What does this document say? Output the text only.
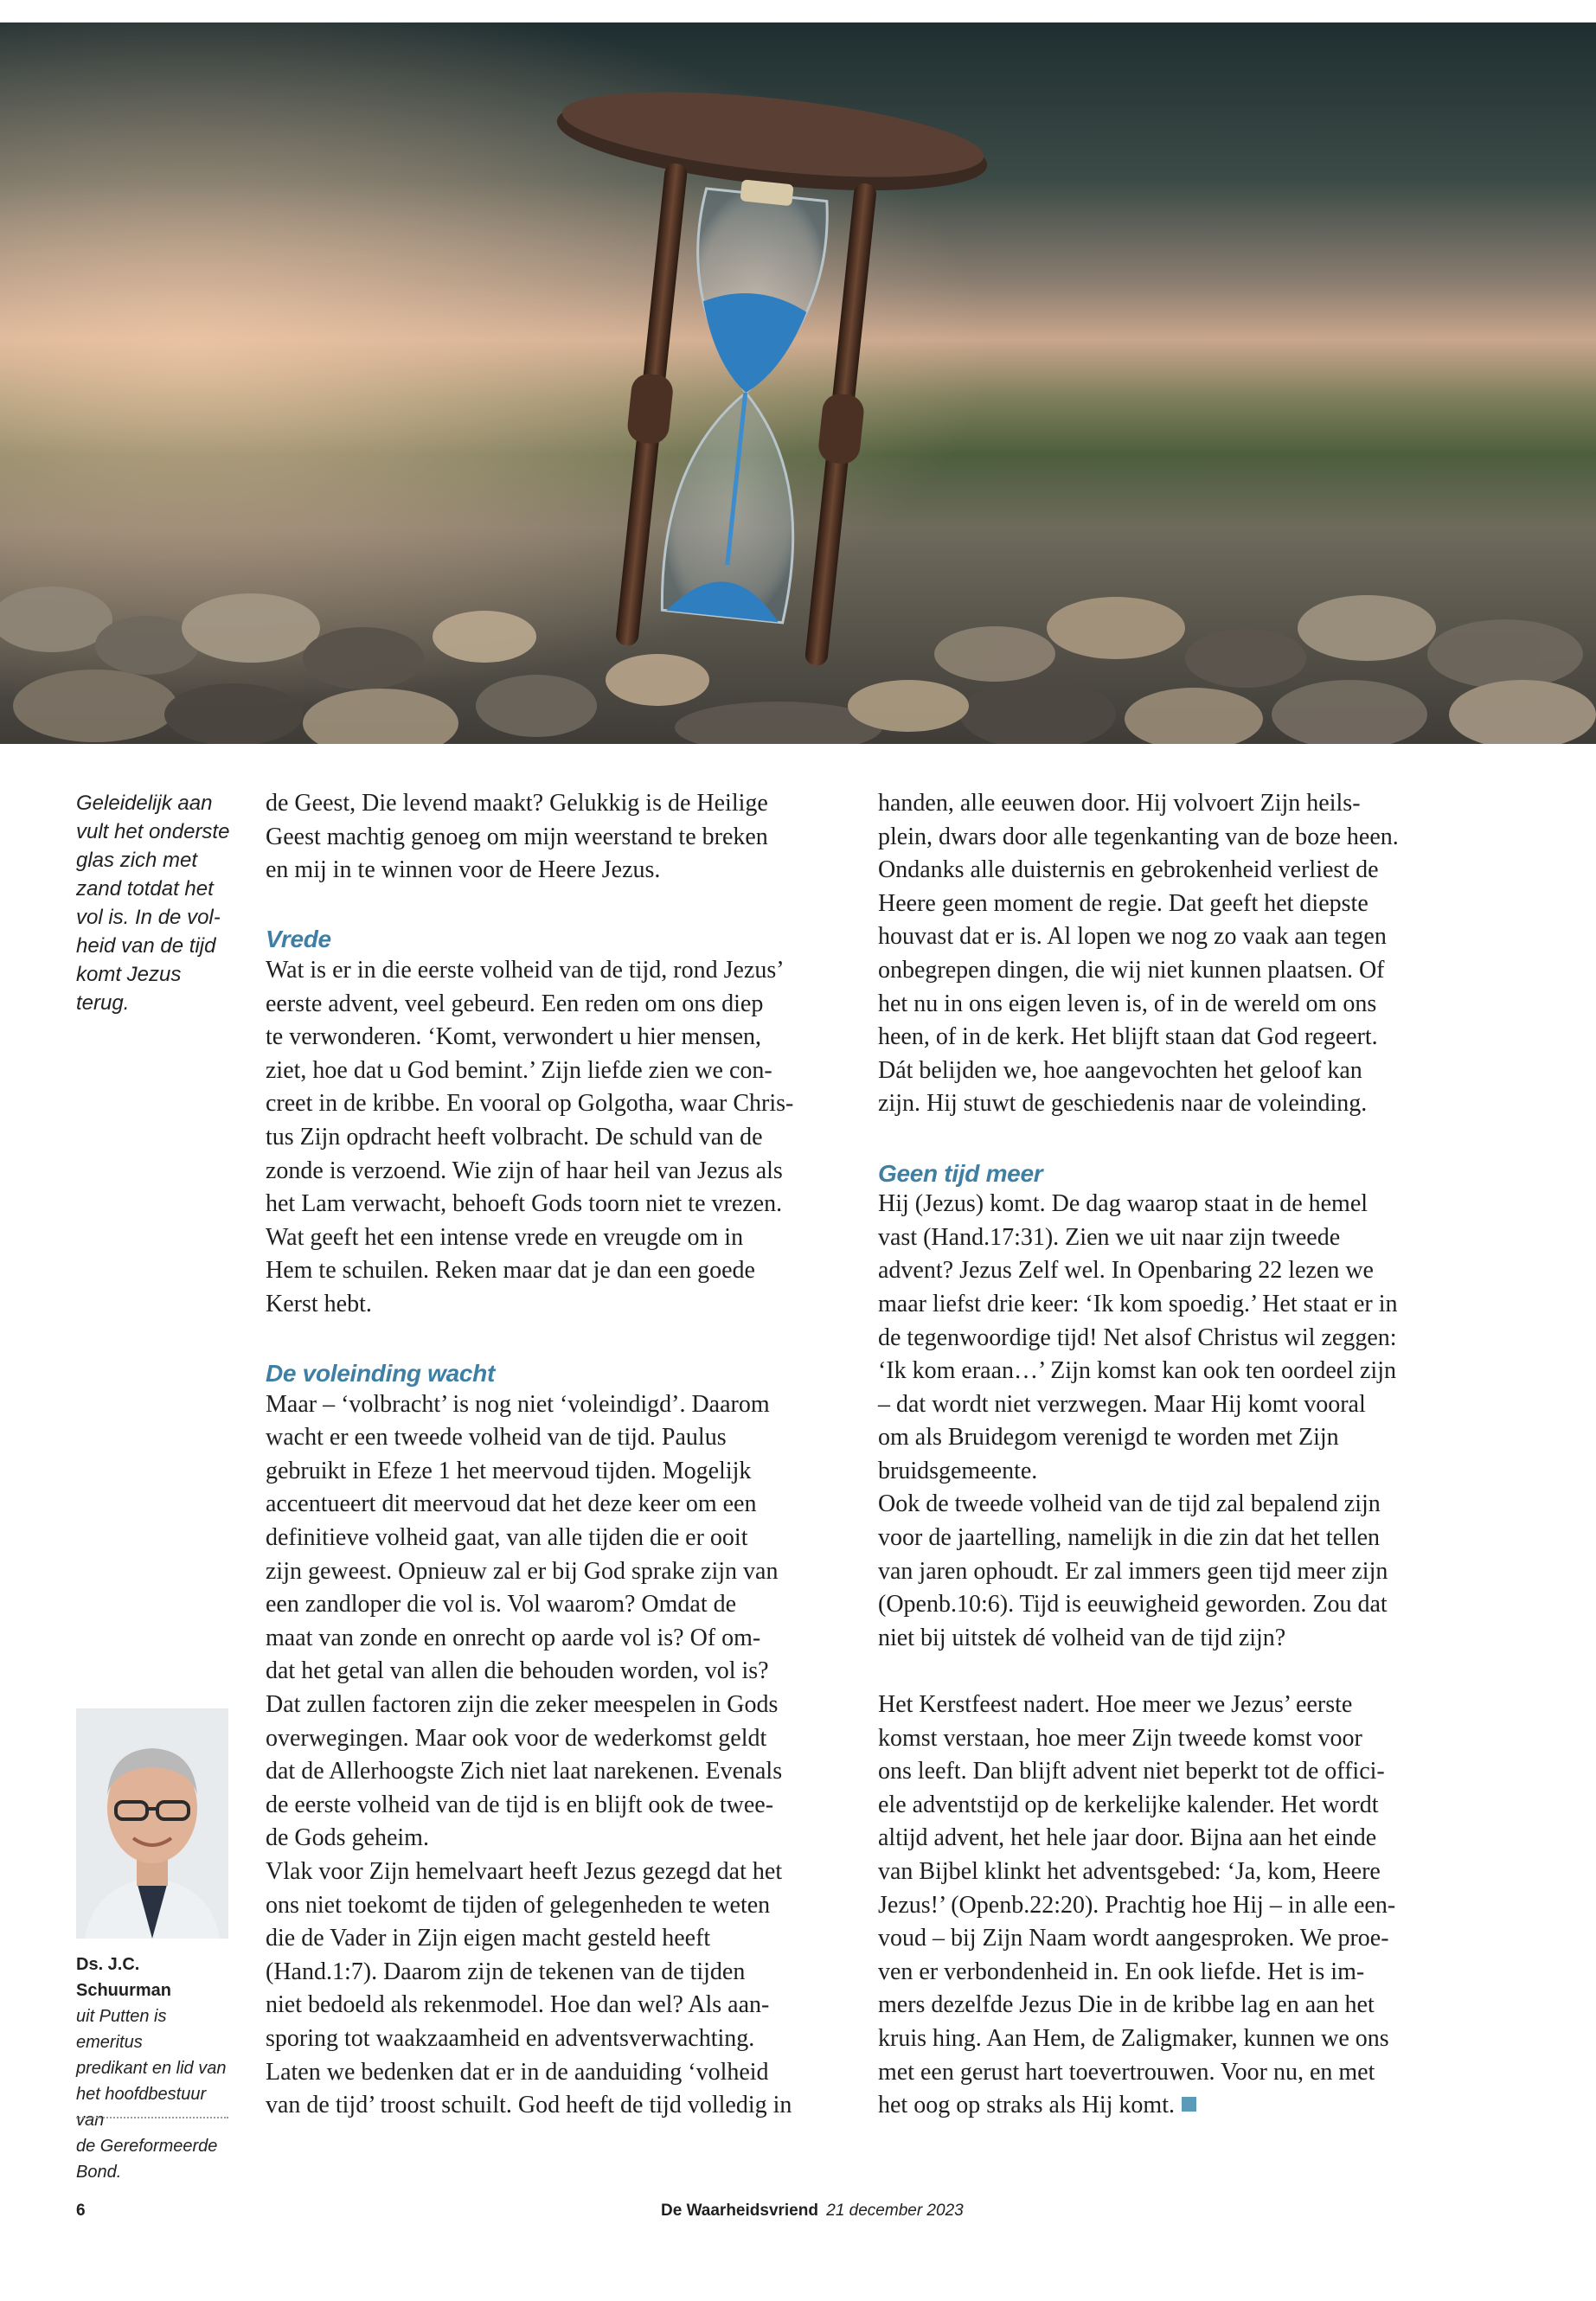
Geleidelijk aan
vult het onderste
glas zich met
zand totdat het
vol is. In de vol-
heid van de tijd
komt Jezus terug.

de Geest, Die levend maakt? Gelukkig is de Heilige

Geest machtig genoeg om mijn weerstand te breken

en mij in te winnen voor de Heere Jezus.

Vrede

Wat is er in die eerste volheid van de tijd, rond Jezus’

eerste advent, veel gebeurd. Een reden om ons diep

te verwonderen. ‘Komt, verwondert u hier mensen,

ziet, hoe dat u God bemint.’ Zijn liefde zien we con-

creet in de kribbe. En vooral op Golgotha, waar Chris-

tus Zijn opdracht heeft volbracht. De schuld van de

zonde is verzoend. Wie zijn of haar heil van Jezus als

het Lam verwacht, behoeft Gods toorn niet te vrezen.

Wat geeft het een intense vrede en vreugde om in

Hem te schuilen. Reken maar dat je dan een goede

Kerst hebt.

De voleinding wacht

Maar – ‘volbracht’ is nog niet ‘voleindigd’. Daarom

wacht er een tweede volheid van de tijd. Paulus

gebruikt in Efeze 1 het meervoud tijden. Mogelijk

accentueert dit meervoud dat het deze keer om een

definitieve volheid gaat, van alle tijden die er ooit

zijn geweest. Opnieuw zal er bij God sprake zijn van

een zandloper die vol is. Vol waarom? Omdat de

maat van zonde en onrecht op aarde vol is? Of om-

dat het getal van allen die behouden worden, vol is?

Dat zullen factoren zijn die zeker meespelen in Gods

overwegingen. Maar ook voor de wederkomst geldt

dat de Allerhoogste Zich niet laat narekenen. Evenals

de eerste volheid van de tijd is en blijft ook de twee-

de Gods geheim.

Vlak voor Zijn hemelvaart heeft Jezus gezegd dat het

ons niet toekomt de tijden of gelegenheden te weten

die de Vader in Zijn eigen macht gesteld heeft

(Hand.1:7). Daarom zijn de tekenen van de tijden

niet bedoeld als rekenmodel. Hoe dan wel? Als aan-

sporing tot waakzaamheid en adventsverwachting.

Laten we bedenken dat er in de aanduiding ‘volheid

van de tijd’ troost schuilt. God heeft de tijd volledig in

handen, alle eeuwen door. Hij volvoert Zijn heils-

plein, dwars door alle tegenkanting van de boze heen.

Ondanks alle duisternis en gebrokenheid verliest de

Heere geen moment de regie. Dat geeft het diepste

houvast dat er is. Al lopen we nog zo vaak aan tegen

onbegrepen dingen, die wij niet kunnen plaatsen. Of

het nu in ons eigen leven is, of in de wereld om ons

heen, of in de kerk. Het blijft staan dat God regeert.

Dát belijden we, hoe aangevochten het geloof kan

zijn. Hij stuwt de geschiedenis naar de voleinding.

Geen tijd meer

Hij (Jezus) komt. De dag waarop staat in de hemel

vast (Hand.17:31). Zien we uit naar zijn tweede

advent? Jezus Zelf wel. In Openbaring 22 lezen we

maar liefst drie keer: ‘Ik kom spoedig.’ Het staat er in

de tegenwoordige tijd! Net alsof Christus wil zeggen:

‘Ik kom eraan…’ Zijn komst kan ook ten oordeel zijn

– dat wordt niet verzwegen. Maar Hij komt vooral

om als Bruidegom verenigd te worden met Zijn

bruidsgemeente.

Ook de tweede volheid van de tijd zal bepalend zijn

voor de jaartelling, namelijk in die zin dat het tellen

van jaren ophoudt. Er zal immers geen tijd meer zijn

(Openb.10:6). Tijd is eeuwigheid geworden. Zou dat

niet bij uitstek dé volheid van de tijd zijn?

Het Kerstfeest nadert. Hoe meer we Jezus’ eerste

komst verstaan, hoe meer Zijn tweede komst voor

ons leeft. Dan blijft advent niet beperkt tot de offici-

ele adventstijd op de kerkelijke kalender. Het wordt

altijd advent, het hele jaar door. Bijna aan het einde

van Bijbel klinkt het adventsgebed: ‘Ja, kom, Heere

Jezus!’ (Openb.22:20). Prachtig hoe Hij – in alle een-

voud – bij Zijn Naam wordt aangesproken. We proe-

ven er verbondenheid in. En ook liefde. Het is im-

mers dezelfde Jezus Die in de kribbe lag en aan het

kruis hing. Aan Hem, de Zaligmaker, kunnen we ons

met een gerust hart toevertrouwen. Voor nu, en met

het oog op straks als Hij komt.

Ds. J.C. Schuurman
uit Putten is emeritus
predikant en lid van
het hoofdbestuur van
de Gereformeerde
Bond.
6	De Waarheidsvriend 21 december 2023
